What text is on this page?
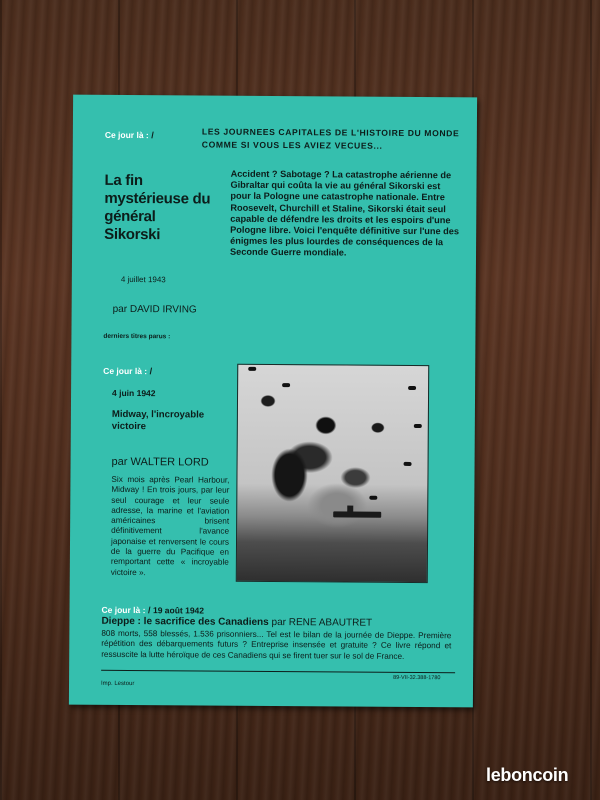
Ce jour là : /	LES JOURNEES CAPITALES DE L'HISTOIRE DU MONDE COMME SI VOUS LES AVIEZ VECUES...
La fin mystérieuse du général Sikorski
4 juillet 1943
par DAVID IRVING
Accident ? Sabotage ? La catastrophe aérienne de Gibraltar qui coûta la vie au général Sikorski est pour la Pologne une catastrophe nationale. Entre Roosevelt, Churchill et Staline, Sikorski était seul capable de défendre les droits et les espoirs d'une Pologne libre. Voici l'enquête définitive sur l'une des énigmes les plus lourdes de conséquences de la Seconde Guerre mondiale.
derniers titres parus :
Ce jour là : /
4 juin 1942
Midway, l'incroyable victoire
par WALTER LORD
Six mois après Pearl Harbour, Midway ! En trois jours, par leur seul courage et leur seule adresse, la marine et l'aviation américaines brisent définitivement l'avance japonaise et renversent le cours de la guerre du Pacifique en remportant cette « incroyable victoire ».
Ce jour là : / 19 août 1942
Dieppe : le sacrifice des Canadiens par RENE ABAUTRET
808 morts, 558 blessés, 1.536 prisonniers... Tel est le bilan de la journée de Dieppe. Première répétition des débarquements futurs ? Entreprise insensée et gratuite ? Ce livre répond et ressuscite la lutte héroïque de ces Canadiens qui se firent tuer sur le sol de France.
Imp. Lestour
89-VII-32.388-1780
leboncoin
